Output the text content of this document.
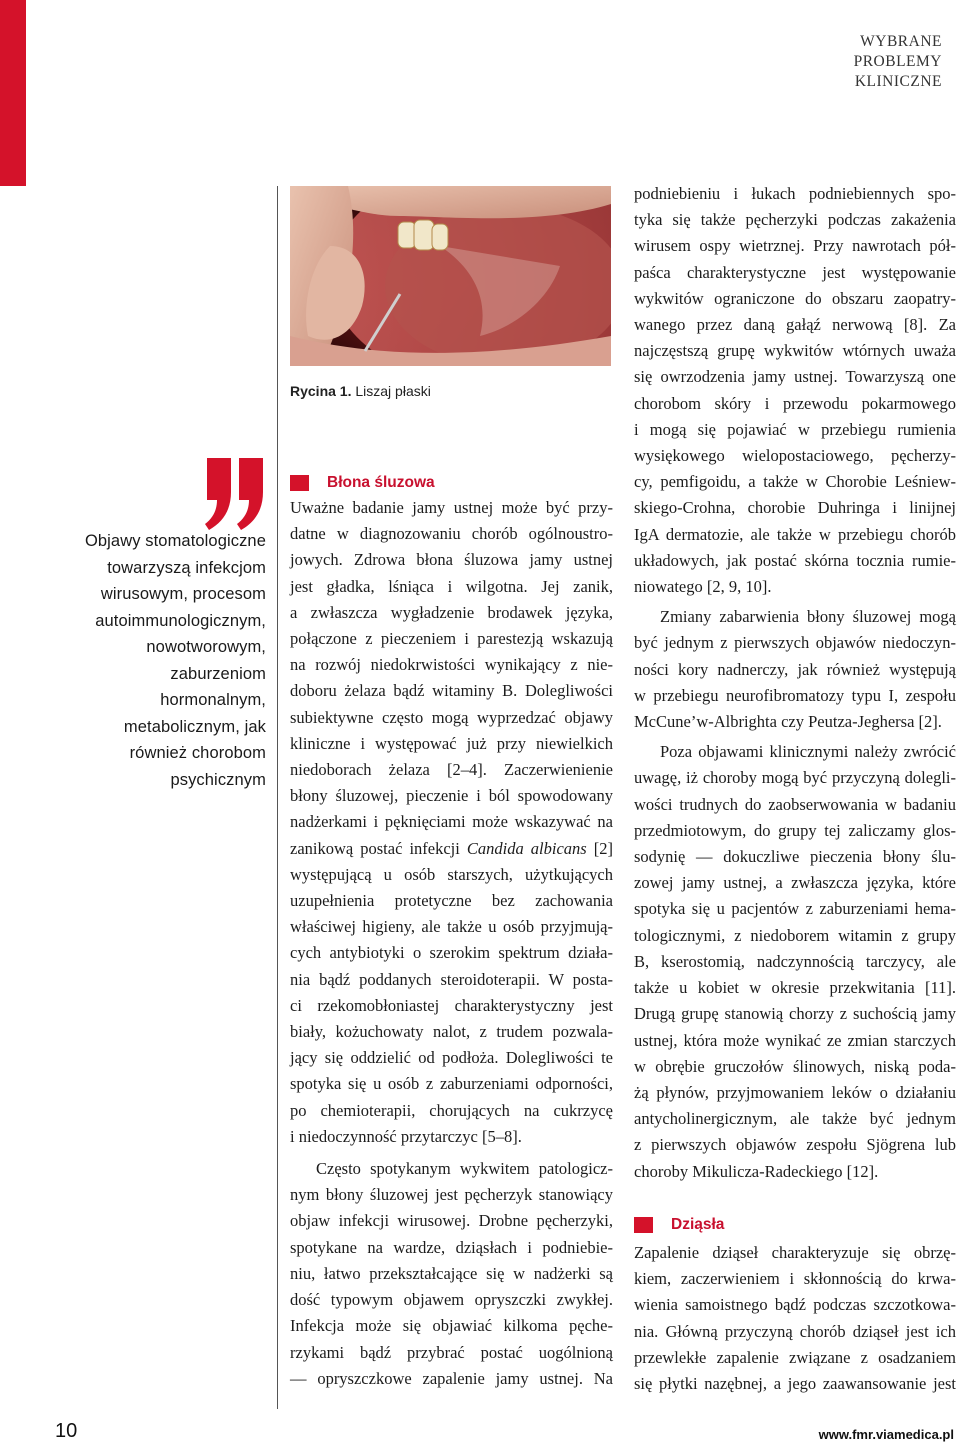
WYBRANE
PROBLEMY
KLINICZNE
Objawy stomatologiczne
towarzyszą infekcjom
wirusowym, procesom
autoimmunologicznym,
nowotworowym,
zaburzeniom
hormonalnym,
metabolicznym, jak
również chorobom
psychicznym
Rycina 1. Liszaj płaski
Błona śluzowa
Uważne badanie jamy ustnej może być przy-
datne w diagnozowaniu chorób ogólnoustro-
jowych. Zdrowa błona śluzowa jamy ustnej
jest gładka, lśniąca i wilgotna. Jej zanik,
a zwłaszcza wygładzenie brodawek języka,
połączone z pieczeniem i parestezją wskazują
na rozwój niedokrwistości wynikający z nie-
doboru żelaza bądź witaminy B. Dolegliwości
subiektywne często mogą wyprzedzać objawy
kliniczne i występować już przy niewielkich
niedoborach żelaza [2–4]. Zaczerwienienie
błony śluzowej, pieczenie i ból spowodowany
nadżerkami i pęknięciami może wskazywać na
zanikową postać infekcji Candida albicans [2]
występującą u osób starszych, użytkujących
uzupełnienia protetyczne bez zachowania
właściwej higieny, ale także u osób przyjmują-
cych antybiotyki o szerokim spektrum działa-
nia bądź poddanych steroidoterapii. W posta-
ci rzekomobłoniastej charakterystyczny jest
biały, kożuchowaty nalot, z trudem pozwala-
jący się oddzielić od podłoża. Dolegliwości te
spotyka się u osób z zaburzeniami odporności,
po chemioterapii, chorujących na cukrzycę
i niedoczynność przytarczyc [5–8].
Często spotykanym wykwitem patologicz-
nym błony śluzowej jest pęcherzyk stanowiący
objaw infekcji wirusowej. Drobne pęcherzyki,
spotykane na wardze, dziąsłach i podniebie-
niu, łatwo przekształcające się w nadżerki są
dość typowym objawem opryszczki zwykłej.
Infekcja może się objawiać kilkoma pęche-
rzykami bądź przybrać postać uogólnioną
— opryszczkowe zapalenie jamy ustnej. Na
podniebieniu i łukach podniebiennych spo-
tyka się także pęcherzyki podczas zakażenia
wirusem ospy wietrznej. Przy nawrotach pół-
paśca charakterystyczne jest występowanie
wykwitów ograniczone do obszaru zaopatry-
wanego przez daną gałąź nerwową [8]. Za
najczęstszą grupę wykwitów wtórnych uważa
się owrzodzenia jamy ustnej. Towarzyszą one
chorobom skóry i przewodu pokarmowego
i mogą się pojawiać w przebiegu rumienia
wysiękowego wielopostaciowego, pęcherzy-
cy, pemfigoidu, a także w Chorobie Leśniew-
skiego-Crohna, chorobie Duhringa i linijnej
IgA dermatozie, ale także w przebiegu chorób
układowych, jak postać skórna tocznia rumie-
niowatego [2, 9, 10].
Zmiany zabarwienia błony śluzowej mogą
być jednym z pierwszych objawów niedoczyn-
ności kory nadnerczy, jak również występują
w przebiegu neurofibromatozy typu I, zespołu
McCune’w-Albrighta czy Peutza-Jeghersa [2].
Poza objawami klinicznymi należy zwrócić
uwagę, iż choroby mogą być przyczyną dolegli-
wości trudnych do zaobserwowania w badaniu
przedmiotowym, do grupy tej zaliczamy glos-
sodynię — dokuczliwe pieczenia błony ślu-
zowej jamy ustnej, a zwłaszcza języka, które
spotyka się u pacjentów z zaburzeniami hema-
tologicznymi, z niedoborem witamin z grupy
B, kserostomią, nadczynnością tarczycy, ale
także u kobiet w okresie przekwitania [11].
Drugą grupę stanowią chorzy z suchością jamy
ustnej, która może wynikać ze zmian starczych
w obrębie gruczołów ślinowych, niską poda-
żą płynów, przyjmowaniem leków o działaniu
antycholinergicznym, ale także być jednym
z pierwszych objawów zespołu Sjögrena lub
choroby Mikulicza-Radeckiego [12].
Dziąsła
Zapalenie dziąseł charakteryzuje się obrzę-
kiem, zaczerwieniem i skłonnością do krwa-
wienia samoistnego bądź podczas szczotkowa-
nia. Główną przyczyną chorób dziąseł jest ich
przewlekłe zapalenie związane z osadzaniem
się płytki nazębnej, a jego zaawansowanie jest
10	www.fmr.viamedica.pl
